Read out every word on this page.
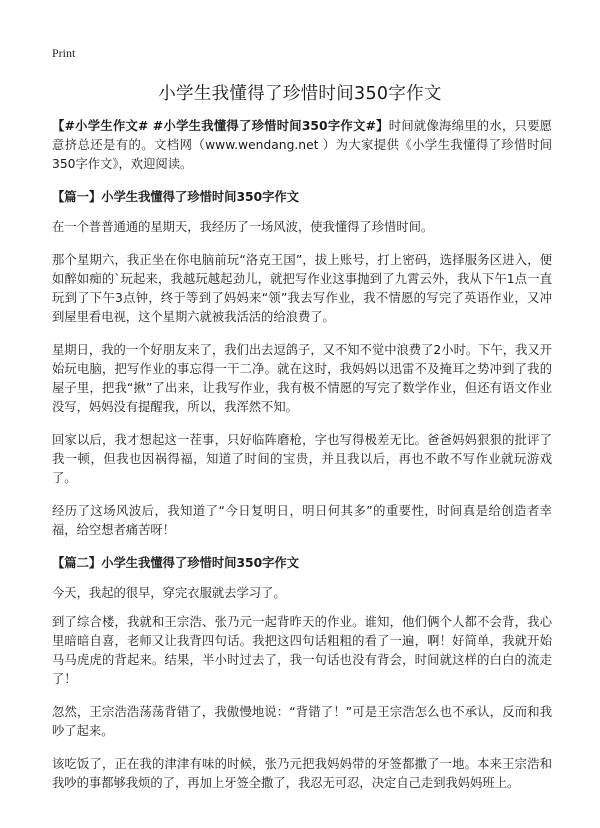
Print
小学生我懂得了珍惜时间350字作文

【#小学生作文# #小学生我懂得了珍惜时间350字作文#】时间就像海绵里的水，只要愿意挤总还是有的。文档网（www.wendang.net ）为大家提供《小学生我懂得了珍惜时间350字作文》，欢迎阅读。

【篇一】小学生我懂得了珍惜时间350字作文

在一个普普通通的星期天，我经历了一场风波，使我懂得了珍惜时间。

那个星期六，我正坐在你电脑前玩“洛克王国”，拔上账号，打上密码，选择服务区进入，便如醉如痴的`玩起来，我越玩越起劲儿，就把写作业这事抛到了九霄云外，我从下午1点一直玩到了下午3点钟，终于等到了妈妈来“领”我去写作业，我不情愿的写完了英语作业，又冲到屋里看电视，这个星期六就被我活活的给浪费了。

星期日，我的一个好朋友来了，我们出去逗鸽子，又不知不觉中浪费了2小时。下午，我又开始玩电脑，把写作业的事忘得一干二净。就在这时，我妈妈以迅雷不及掩耳之势冲到了我的屋子里，把我“揪”了出来，让我写作业，我有极不情愿的写完了数学作业，但还有语文作业没写，妈妈没有提醒我，所以，我浑然不知。

回家以后，我才想起这一茬事，只好临阵磨枪，字也写得极差无比。爸爸妈妈狠狠的批评了我一顿，但我也因祸得福，知道了时间的宝贵，并且我以后，再也不敢不写作业就玩游戏了。

经历了这场风波后，我知道了“今日复明日，明日何其多”的重要性，时间真是给创造者幸福，给空想者痛苦呀！

【篇二】小学生我懂得了珍惜时间350字作文

今天，我起的很早，穿完衣服就去学习了。

到了综合楼，我就和王宗浩、张乃元一起背昨天的作业。谁知，他们俩个人都不会背，我心里暗暗自喜，老师又让我背四句话。我把这四句话粗粗的看了一遍，啊！好简单，我就开始马马虎虎的背起来。结果，半小时过去了，我一句话也没有背会，时间就这样的白白的流走了！

忽然，王宗浩浩荡荡背错了，我傲慢地说：“背错了！”可是王宗浩怎么也不承认，反而和我吵了起来。

该吃饭了，正在我的津津有味的时候，张乃元把我妈妈带的牙签都撒了一地。本来王宗浩和我吵的事都够我烦的了，再加上牙签全撒了，我忍无可忍，决定自己走到我妈妈班上。
